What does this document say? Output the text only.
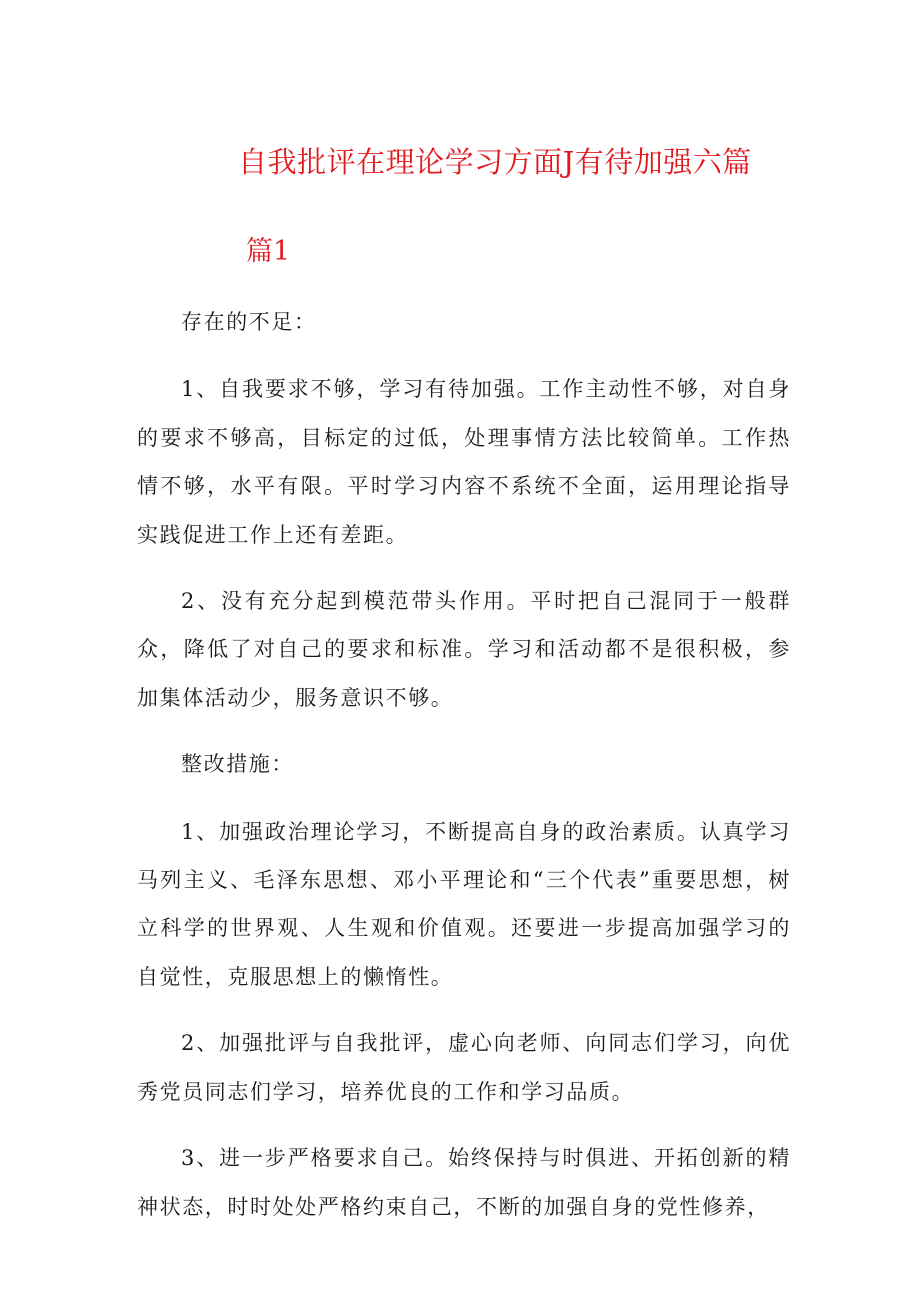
自我批评在理论学习方面J有待加强六篇
篇1

存在的不足：

1、自我要求不够，学习有待加强。工作主动性不够，对自身的要求不够高，目标定的过低，处理事情方法比较简单。工作热情不够，水平有限。平时学习内容不系统不全面，运用理论指导实践促进工作上还有差距。

2、没有充分起到模范带头作用。平时把自己混同于一般群众，降低了对自己的要求和标准。学习和活动都不是很积极，参加集体活动少，服务意识不够。

整改措施：

1、加强政治理论学习，不断提高自身的政治素质。认真学习马列主义、毛泽东思想、邓小平理论和“三个代表”重要思想，树立科学的世界观、人生观和价值观。还要进一步提高加强学习的自觉性，克服思想上的懒惰性。

2、加强批评与自我批评，虚心向老师、向同志们学习，向优秀党员同志们学习，培养优良的工作和学习品质。

3、进一步严格要求自己。始终保持与时俱进、开拓创新的精神状态，时时处处严格约束自己，不断的加强自身的党性修养，
